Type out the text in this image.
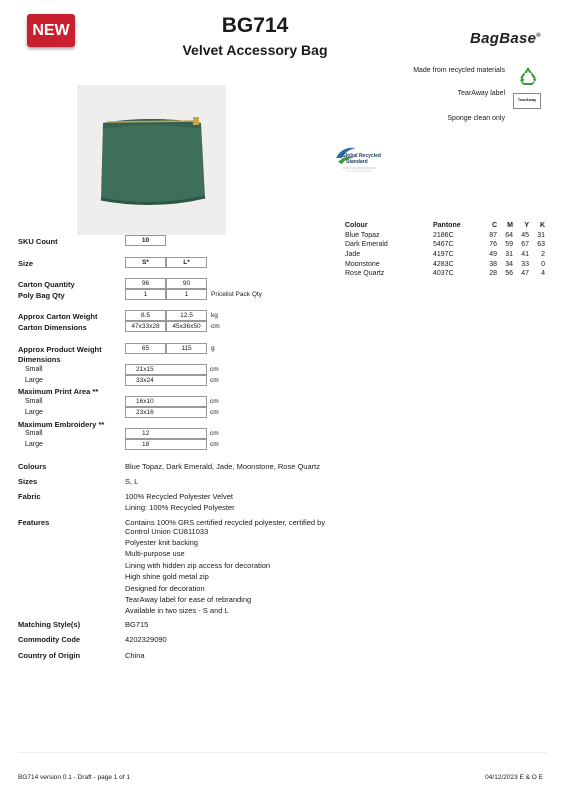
NEW	BG714
Velvet Accessory Bag
BagBase®
Made from recycled materials
TearAway label
TearAway
Sponge clean only
Global Recycled
Standard
Colour	Pantone	C	M	Y	K
Blue Topaz	2186C	87	64	45	31
Dark Emerald	5467C	76	59	67	63
Jade	4197C	49	31	41	2
Moonstone	4283C	38	34	33	0
Rose Quartz	4037C	28	56	47	4
SKU Count	10
Size	S*	L*
Carton Quantity	96	90
Poly Bag Qty	1	1	Pricelist Pack Qty
Approx Carton Weight	8.5	12.5	kg
Carton Dimensions	47x33x28	45x36x50	cm
Approx Product Weight	65	115	g
Dimensions
Small	21x15	cm
Large	33x24	cm
Maximum Print Area **
Small	16x10	cm
Large	23x16	cm
Maximum Embroidery **
Small	12	cm
Large	18	cm
Colours	Blue Topaz, Dark Emerald, Jade, Moonstone, Rose Quartz
Sizes	S, L
Fabric	100% Recycled Polyester Velvet
Lining: 100% Recycled Polyester
Features	Contains 100% GRS certified recycled polyester, certified by Control Union CU811033
Polyester knit backing
Multi-purpose use
Lining with hidden zip access for decoration
High shine gold metal zip
Designed for decoration
TearAway label for ease of rebranding
Available in two sizes - S and L
Matching Style(s)	BG715
Commodity Code	4202329090
Country of Origin	China
BG714 version 0.1 - Draft - page 1 of 1	04/12/2023 E & O E
